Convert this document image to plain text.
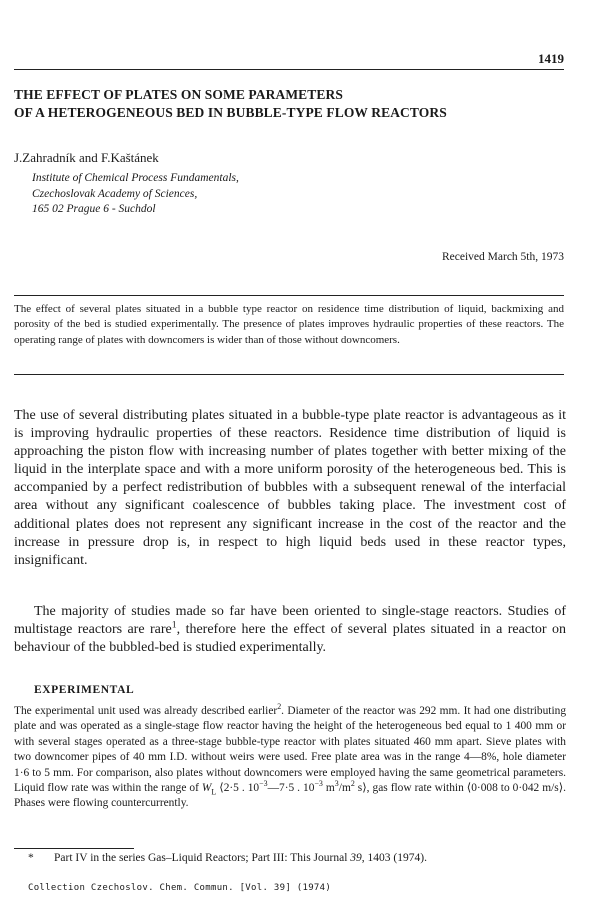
1419
THE EFFECT OF PLATES ON SOME PARAMETERS
OF A HETEROGENEOUS BED IN BUBBLE-TYPE FLOW REACTORS
J.Zahradník and F.Kaštánek
Institute of Chemical Process Fundamentals,
Czechoslovak Academy of Sciences,
165 02 Prague 6 - Suchdol
Received March 5th, 1973
The effect of several plates situated in a bubble type reactor on residence time distribution of liquid, backmixing and porosity of the bed is studied experimentally. The presence of plates improves hydraulic properties of these reactors. The operating range of plates with downcomers is wider than of those without downcomers.
The use of several distributing plates situated in a bubble-type plate reactor is advantageous as it is improving hydraulic properties of these reactors. Residence time distribution of liquid is approaching the piston flow with increasing number of plates together with better mixing of the liquid in the interplate space and with a more uniform porosity of the heterogeneous bed. This is accompanied by a perfect redistribution of bubbles with a subsequent renewal of the interfacial area without any significant coalescence of bubbles taking place. The investment cost of additional plates does not represent any significant increase in the cost of the reactor and the increase in pressure drop is, in respect to high liquid beds used in these reactor types, insignificant.
The majority of studies made so far have been oriented to single-stage reactors. Studies of multistage reactors are rare$^1$, therefore here the effect of several plates situated in a reactor on behaviour of the bubbled-bed is studied experimentally.
EXPERIMENTAL
The experimental unit used was already described earlier$^2$. Diameter of the reactor was 292 mm. It had one distributing plate and was operated as a single-stage flow reactor having the height of the heterogeneous bed equal to 1 400 mm or with several stages operated as a three-stage bubble-type reactor with plates situated 460 mm apart. Sieve plates with two downcomer pipes of 40 mm I.D. without weirs were used. Free plate area was in the range 4—8%, hole diameter 1·6 to 5 mm. For comparison, also plates without downcomers were employed having the same geometrical parameters. Liquid flow rate was within the range of $W_L$ ⟨2·5 . $10^{-3}—7\cdot 5$ . $10^{-3}$ $m^3/m^2$ s⟩, gas flow rate within ⟨0·008 to 0·042 m/s⟩. Phases were flowing countercurrently.
* Part IV in the series Gas–Liquid Reactors; Part III: This Journal 39, 1403 (1974).
Collection Czechoslov. Chem. Commun. [Vol. 39] (1974)
